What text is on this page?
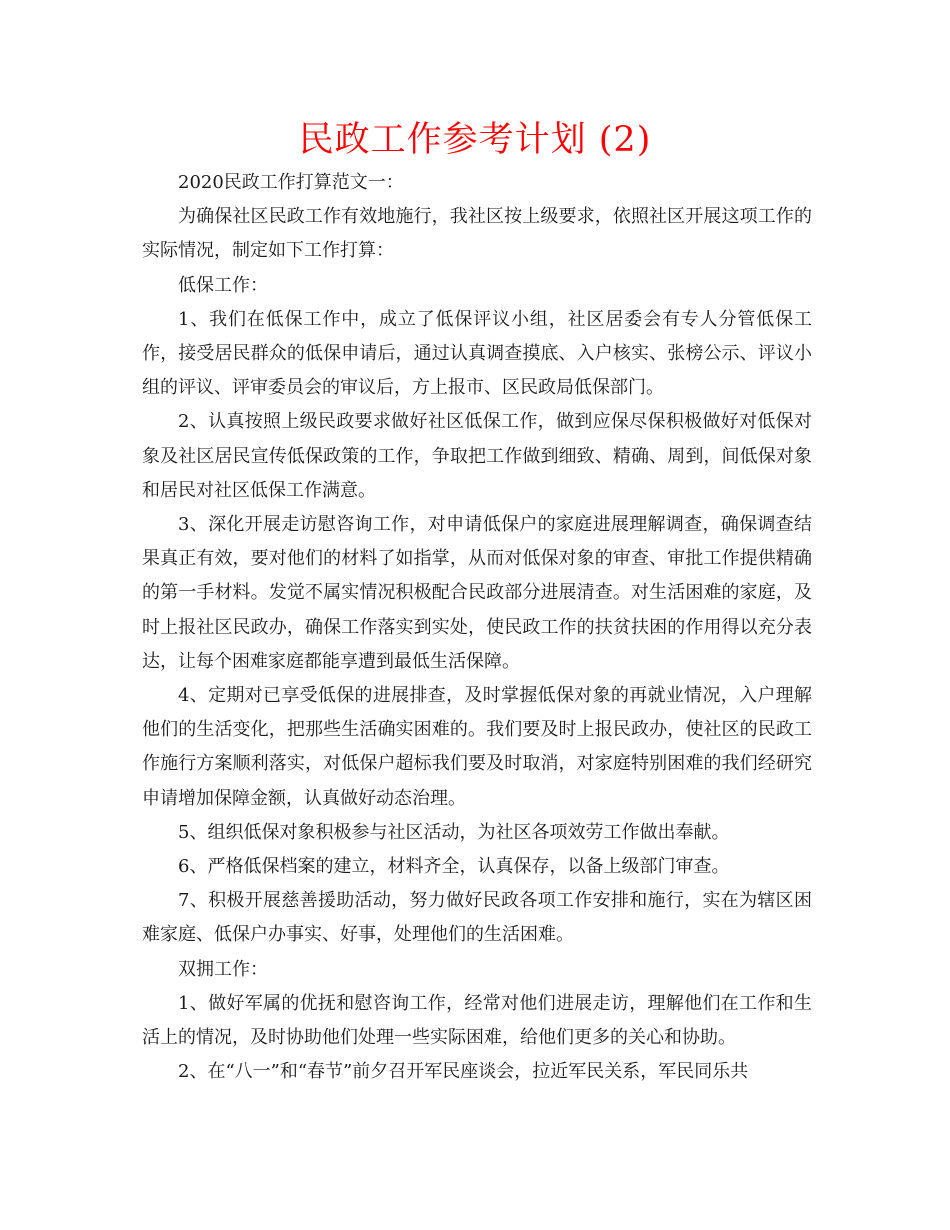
民政工作参考计划 (2)

2020民政工作打算范文一：

为确保社区民政工作有效地施行，我社区按上级要求，依照社区开展这项工作的实际情况，制定如下工作打算：

低保工作：

1、我们在低保工作中，成立了低保评议小组，社区居委会有专人分管低保工作，接受居民群众的低保申请后，通过认真调查摸底、入户核实、张榜公示、评议小组的评议、评审委员会的审议后，方上报市、区民政局低保部门。

2、认真按照上级民政要求做好社区低保工作，做到应保尽保积极做好对低保对象及社区居民宣传低保政策的工作，争取把工作做到细致、精确、周到，间低保对象和居民对社区低保工作满意。

3、深化开展走访慰咨询工作，对申请低保户的家庭进展理解调查，确保调查结果真正有效，要对他们的材料了如指掌，从而对低保对象的审查、审批工作提供精确的第一手材料。发觉不属实情况积极配合民政部分进展清查。对生活困难的家庭，及时上报社区民政办，确保工作落实到实处，使民政工作的扶贫扶困的作用得以充分表达，让每个困难家庭都能享遭到最低生活保障。

4、定期对已享受低保的进展排查，及时掌握低保对象的再就业情况，入户理解他们的生活变化，把那些生活确实困难的。我们要及时上报民政办，使社区的民政工作施行方案顺利落实，对低保户超标我们要及时取消，对家庭特别困难的我们经研究申请增加保障金额，认真做好动态治理。

5、组织低保对象积极参与社区活动，为社区各项效劳工作做出奉献。

6、严格低保档案的建立，材料齐全，认真保存，以备上级部门审查。

7、积极开展慈善援助活动，努力做好民政各项工作安排和施行，实在为辖区困难家庭、低保户办事实、好事，处理他们的生活困难。

双拥工作：

1、做好军属的优抚和慰咨询工作，经常对他们进展走访，理解他们在工作和生活上的情况，及时协助他们处理一些实际困难，给他们更多的关心和协助。

2、在“八一”和“春节”前夕召开军民座谈会，拉近军民关系，军民同乐共
